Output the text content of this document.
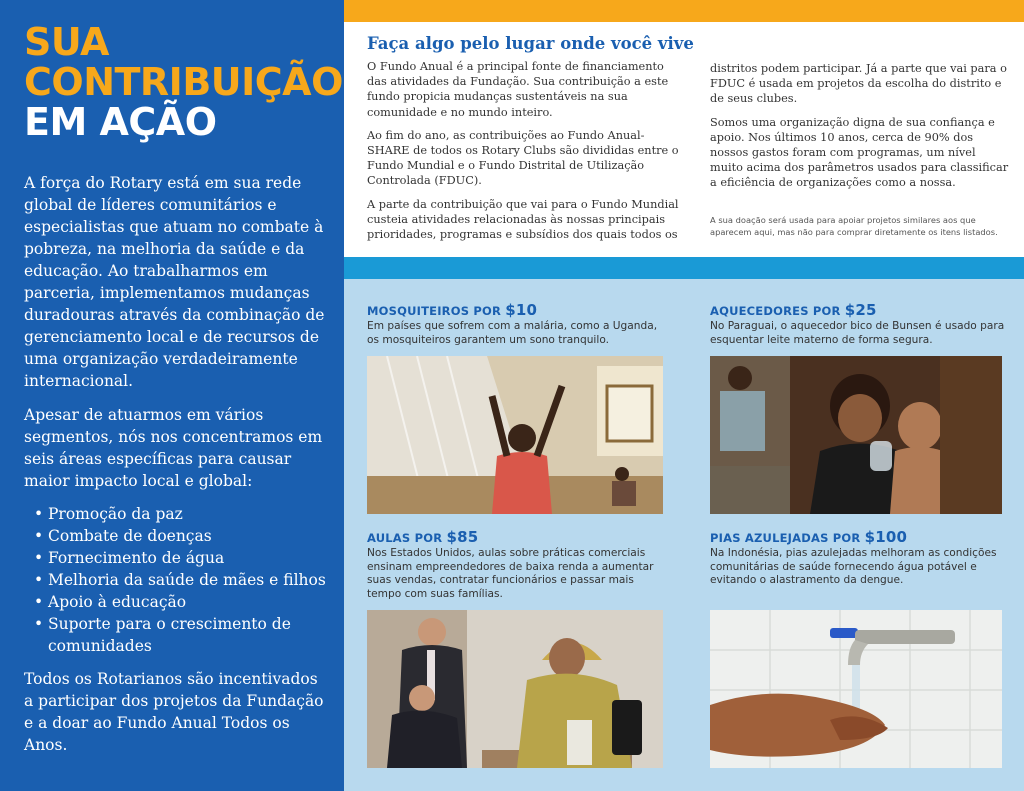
SUA
CONTRIBUIÇÃO
EM AÇÃO

A força do Rotary está em sua rede global de líderes comunitários e especialistas que atuam no combate à pobreza, na melhoria da saúde e da educação. Ao trabalharmos em parceria, implementamos mudanças duradouras através da combinação de gerenciamento local e de recursos de uma organização verdadeiramente internacional.

Apesar de atuarmos em vários segmentos, nós nos concentramos em seis áreas específicas para causar maior impacto local e global:

• Promoção da paz
• Combate de doenças
• Fornecimento de água
• Melhoria da saúde de mães e filhos
• Apoio à educação
• Suporte para o crescimento de comunidades

Todos os Rotarianos são incentivados a participar dos projetos da Fundação e a doar ao Fundo Anual Todos os Anos.

Faça algo pelo lugar onde você vive

O Fundo Anual é a principal fonte de financiamento das atividades da Fundação. Sua contribuição a este fundo propicia mudanças sustentáveis na sua comunidade e no mundo inteiro.

Ao fim do ano, as contribuições ao Fundo Anual-SHARE de todos os Rotary Clubs são divididas entre o Fundo Mundial e o Fundo Distrital de Utilização Controlada (FDUC).

A parte da contribuição que vai para o Fundo Mundial custeia atividades relacionadas às nossas principais prioridades, programas e subsídios dos quais todos os

distritos podem participar. Já a parte que vai para o FDUC é usada em projetos da escolha do distrito e de seus clubes.

Somos uma organização digna de sua confiança e apoio. Nos últimos 10 anos, cerca de 90% dos nossos gastos foram com programas, um nível muito acima dos parâmetros usados para classificar a eficiência de organizações como a nossa.

A sua doação será usada para apoiar projetos similares aos que aparecem aqui, mas não para comprar diretamente os itens listados.

MOSQUITEIROS POR $10

Em países que sofrem com a malária, como a Uganda, os mosquiteiros garantem um sono tranquilo.

AQUECEDORES POR $25

No Paraguai, o aquecedor bico de Bunsen é usado para esquentar leite materno de forma segura.

AULAS POR $85

Nos Estados Unidos, aulas sobre práticas comerciais ensinam empreendedores de baixa renda a aumentar suas vendas, contratar funcionários e passar mais tempo com suas famílias.

PIAS AZULEJADAS POR $100

Na Indonésia, pias azulejadas melhoram as condições comunitárias de saúde fornecendo água potável e evitando o alastramento da dengue.
